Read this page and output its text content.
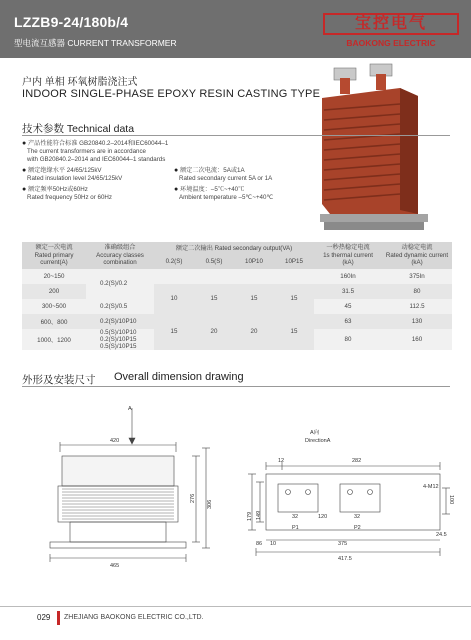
LZZB9-24/180b/4
型电流互感器 CURRENT TRANSFORMER
宝控电气
BAOKONG ELECTRIC
户内 单相 环氧树脂浇注式
INDOOR SINGLE-PHASE EPOXY RESIN CASTING TYPE
技术参数 Technical data
● 产品性能符合标准 GB20840.2–2014和IEC60044–1
The current transformers are in accordance
with GB20840.2–2014 and IEC60044–1 standards
● 额定绝缘水平 24/65/125kV
Rated insulation level 24/65/125kV
● 额定二次电流：5A或1A
Rated secondary current 5A or 1A
● 额定频率50Hz或60Hz
Rated frequency 50Hz or 60Hz
● 环境温度：–5℃~+40℃
Ambient temperature –5℃~+40℃
额定一次电流
Rated primary
current(A)	准确级组合
Accuracy classes
combination	额定二次输出 Rated secondary output(VA)				一秒热稳定电流
1s thermal current
(kA)	动稳定电流
Rated dynamic current
(kA)
		0.2(S)	0.5(S)	10P10	10P15		
20~150	0.2(S)/0.2					160In	375In
200		10	15	15	15	31.5	80
300~500	0.2(S)/0.5					45	112.5
600、800	0.2(S)/10P10	15	20	20	15	63	130
1000、1200	0.5(S)/10P10
0.2(S)/10P15
0.5(S)/10P15					80	160
外形及安装尺寸 Overall dimension drawing
A
420
465
276
306
A向
DirectionA
12	282
4-M12
179 149
100
32	120	32
P1	P2
86 10	375
24.5
417.5
029 ZHEJIANG BAOKONG ELECTRIC CO.,LTD.
